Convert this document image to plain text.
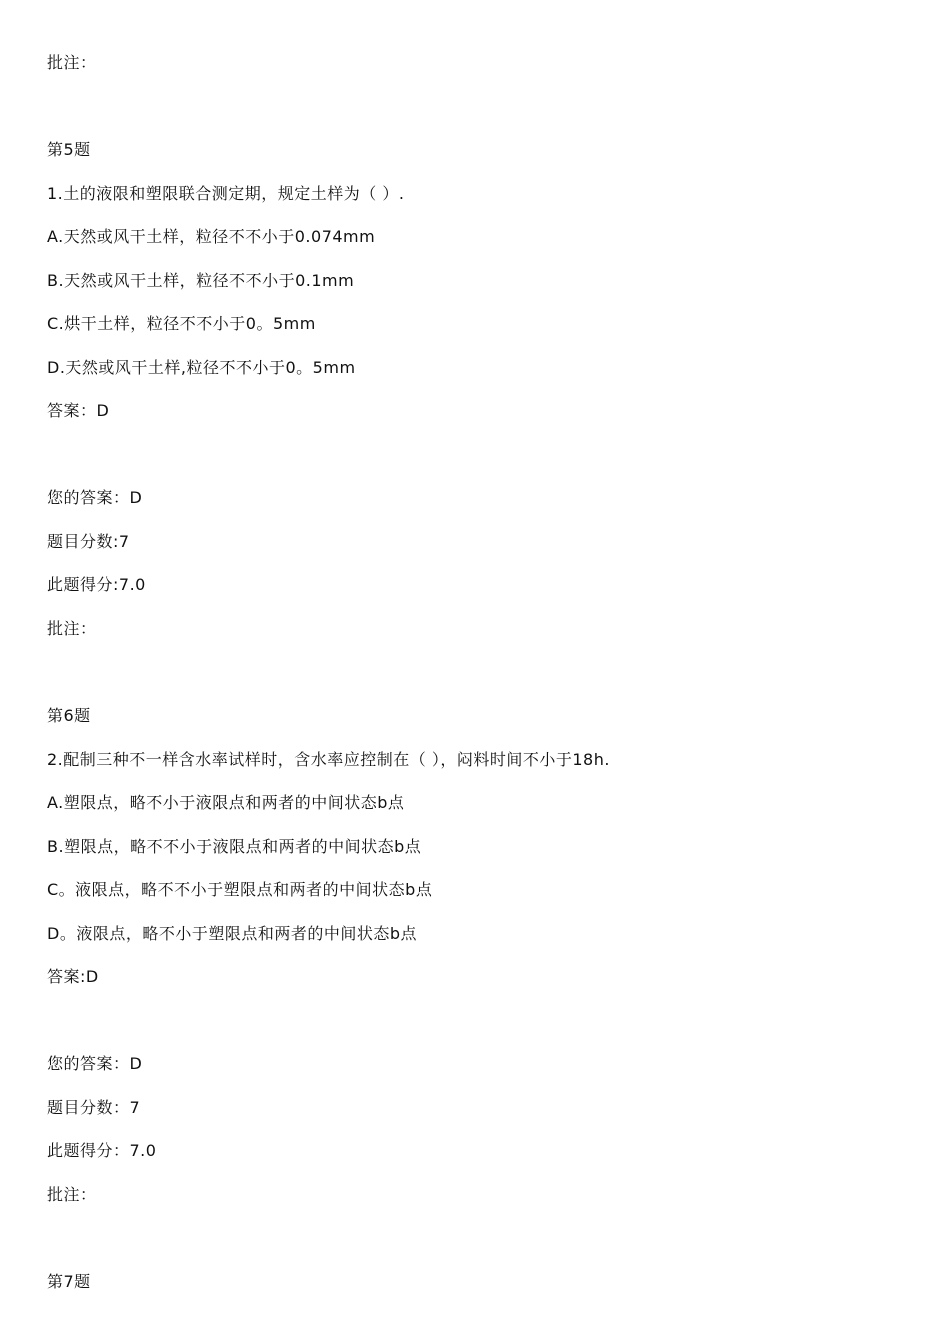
批注：

第5题

1.土的液限和塑限联合测定期，规定土样为（ ）.

A.天然或风干土样，粒径不不小于0.074mm

B.天然或风干土样，粒径不不小于0.1mm

C.烘干土样，粒径不不小于0。5mm

D.天然或风干土样,粒径不不小于0。5mm

答案：D

您的答案：D

题目分数:7

此题得分:7.0

批注：

第6题

2.配制三种不一样含水率试样时，含水率应控制在（ ），闷料时间不小于18h.

A.塑限点，略不小于液限点和两者的中间状态b点

B.塑限点，略不不小于液限点和两者的中间状态b点

C。液限点，略不不小于塑限点和两者的中间状态b点

D。液限点，略不小于塑限点和两者的中间状态b点

答案:D

您的答案：D

题目分数：7

此题得分：7.0

批注：

第7题
